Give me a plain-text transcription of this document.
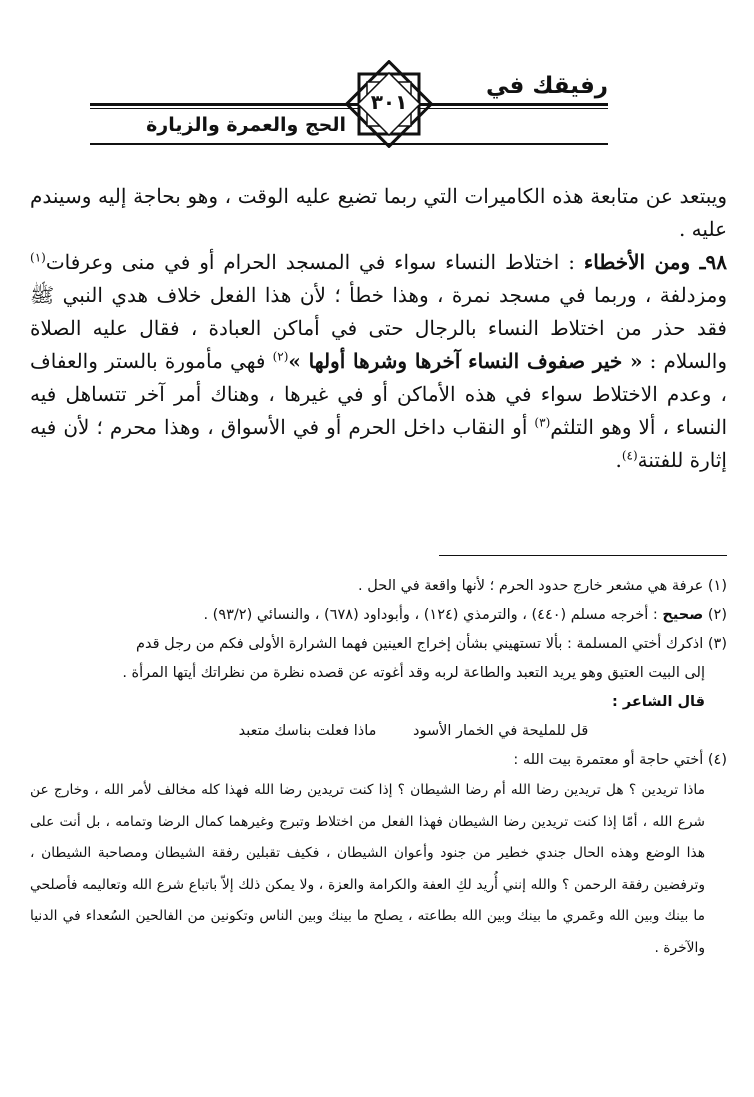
رفيقك في
الحج والعمرة والزيارة
٣٠١

ويبتعد عن متابعة هذه الكاميرات التي ربما تضيع عليه الوقت ، وهو بحاجة إليه وسيندم عليه .

٩٨ـ ومن الأخطاء : اختلاط النساء سواء في المسجد الحرام أو في منى وعرفات$^{(١)}$ ومزدلفة ، وربما في مسجد نمرة ، وهذا خطأ ؛ لأن هذا الفعل خلاف هدي النبي ﷺ فقد حذر من اختلاط النساء بالرجال حتى في أماكن العبادة ، فقال عليه الصلاة والسلام : « خير صفوف النساء آخرها وشرها أولها »$^{(٢)}$ فهي مأمورة بالستر والعفاف ، وعدم الاختلاط سواء في هذه الأماكن أو في غيرها ، وهناك أمر آخر تتساهل فيه النساء ، ألا وهو التلثم$^{(٣)}$ أو النقاب داخل الحرم أو في الأسواق ، وهذا محرم ؛ لأن فيه إثارة للفتنة$^{(٤)}$.

(١) عرفة هي مشعر خارج حدود الحرم ؛ لأنها واقعة في الحل .

(٢) صحيح : أخرجه مسلم (٤٤٠) ، والترمذي (١٢٤) ، وأبوداود (٦٧٨) ، والنسائي (٩٣/٢) .

(٣) اذكرك أختي المسلمة : بألا تستهيني بشأن إخراج العينين فهما الشرارة الأولى فكم من رجل قدم
إلى البيت العتيق وهو يريد التعبد والطاعة لربه وقد أغوته عن قصده نظرة من نظراتك أيتها المرأة .
قال الشاعر :
قل للمليحة في الخمار الأسود ماذا فعلت بناسك متعبد

(٤) أختي حاجة أو معتمرة بيت الله :
ماذا تريدين ؟ هل تريدين رضا الله أم رضا الشيطان ؟ إذا كنت تريدين رضا الله فهذا كله مخالف لأمر الله ، وخارج عن شرع الله ، أمّا إذا كنت تريدين رضا الشيطان فهذا الفعل من اختلاط وتبرج وغيرهما كمال الرضا وتمامه ، بل أنت على هذا الوضع وهذه الحال جندي خطير من جنود وأعوان الشيطان ، فكيف تقبلين رفقة الشيطان ومصاحبة الشيطان ، وترفضين رفقة الرحمن ؟ والله إنني أُريد لكِ العفة والكرامة والعزة ، ولا يمكن ذلك إلاّ باتباع شرع الله وتعاليمه فأصلحي ما بينك وبين الله وعَمري ما بينك وبين الله بطاعته ، يصلح ما بينك وبين الناس وتكونين من الفالحين السُعداء في الدنيا والآخرة .
